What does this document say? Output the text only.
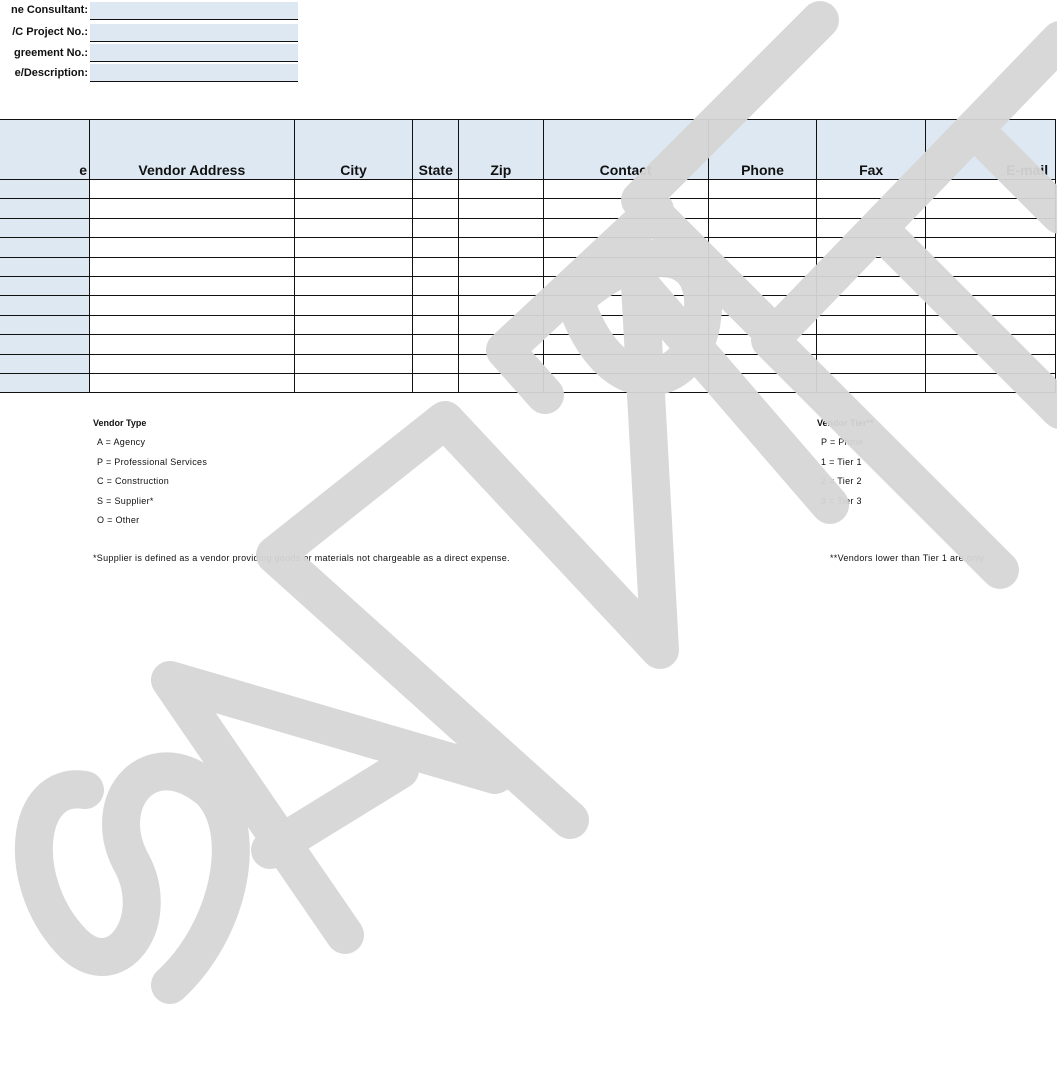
ne Consultant:
/C Project No.:
greement No.:
e/Description:
e	Vendor Address	City	State	Zip	Contact	Phone	Fax	E-mail

Vendor Type
A = Agency
P = Professional Services
C = Construction
S = Supplier*
O = Other
Vendor Tier**
P = Prime
1 = Tier 1
2 = Tier 2
3 = Tier 3
*Supplier is defined as a vendor providing goods or materials not chargeable as a direct expense.	**Vendors lower than Tier 1 are only
